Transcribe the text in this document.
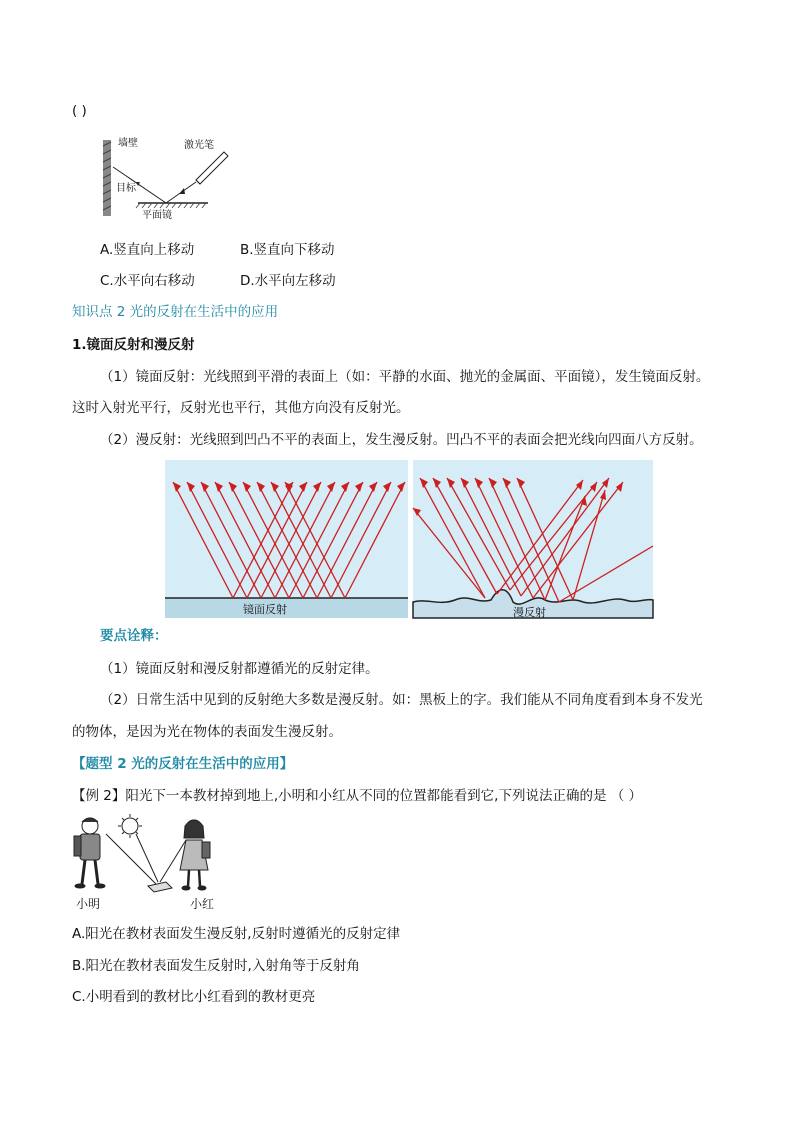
( )
墙壁	激光笔
目标
平面镜
A.竖直向上移动	B.竖直向下移动
C.水平向右移动	D.水平向左移动
知识点 2 光的反射在生活中的应用
1.镜面反射和漫反射
（1）镜面反射：光线照到平滑的表面上（如：平静的水面、抛光的金属面、平面镜），发生镜面反射。
这时入射光平行，反射光也平行，其他方向没有反射光。
（2）漫反射：光线照到凹凸不平的表面上，发生漫反射。凹凸不平的表面会把光线向四面八方反射。
镜面反射	漫反射
要点诠释：
（1）镜面反射和漫反射都遵循光的反射定律。
（2）日常生活中见到的反射绝大多数是漫反射。如：黑板上的字。我们能从不同角度看到本身不发光
的物体，是因为光在物体的表面发生漫反射。
【题型 2 光的反射在生活中的应用】
【例 2】阳光下一本教材掉到地上,小明和小红从不同的位置都能看到它,下列说法正确的是 （ ）
小明	小红
A.阳光在教材表面发生漫反射,反射时遵循光的反射定律
B.阳光在教材表面发生反射时,入射角等于反射角
C.小明看到的教材比小红看到的教材更亮
